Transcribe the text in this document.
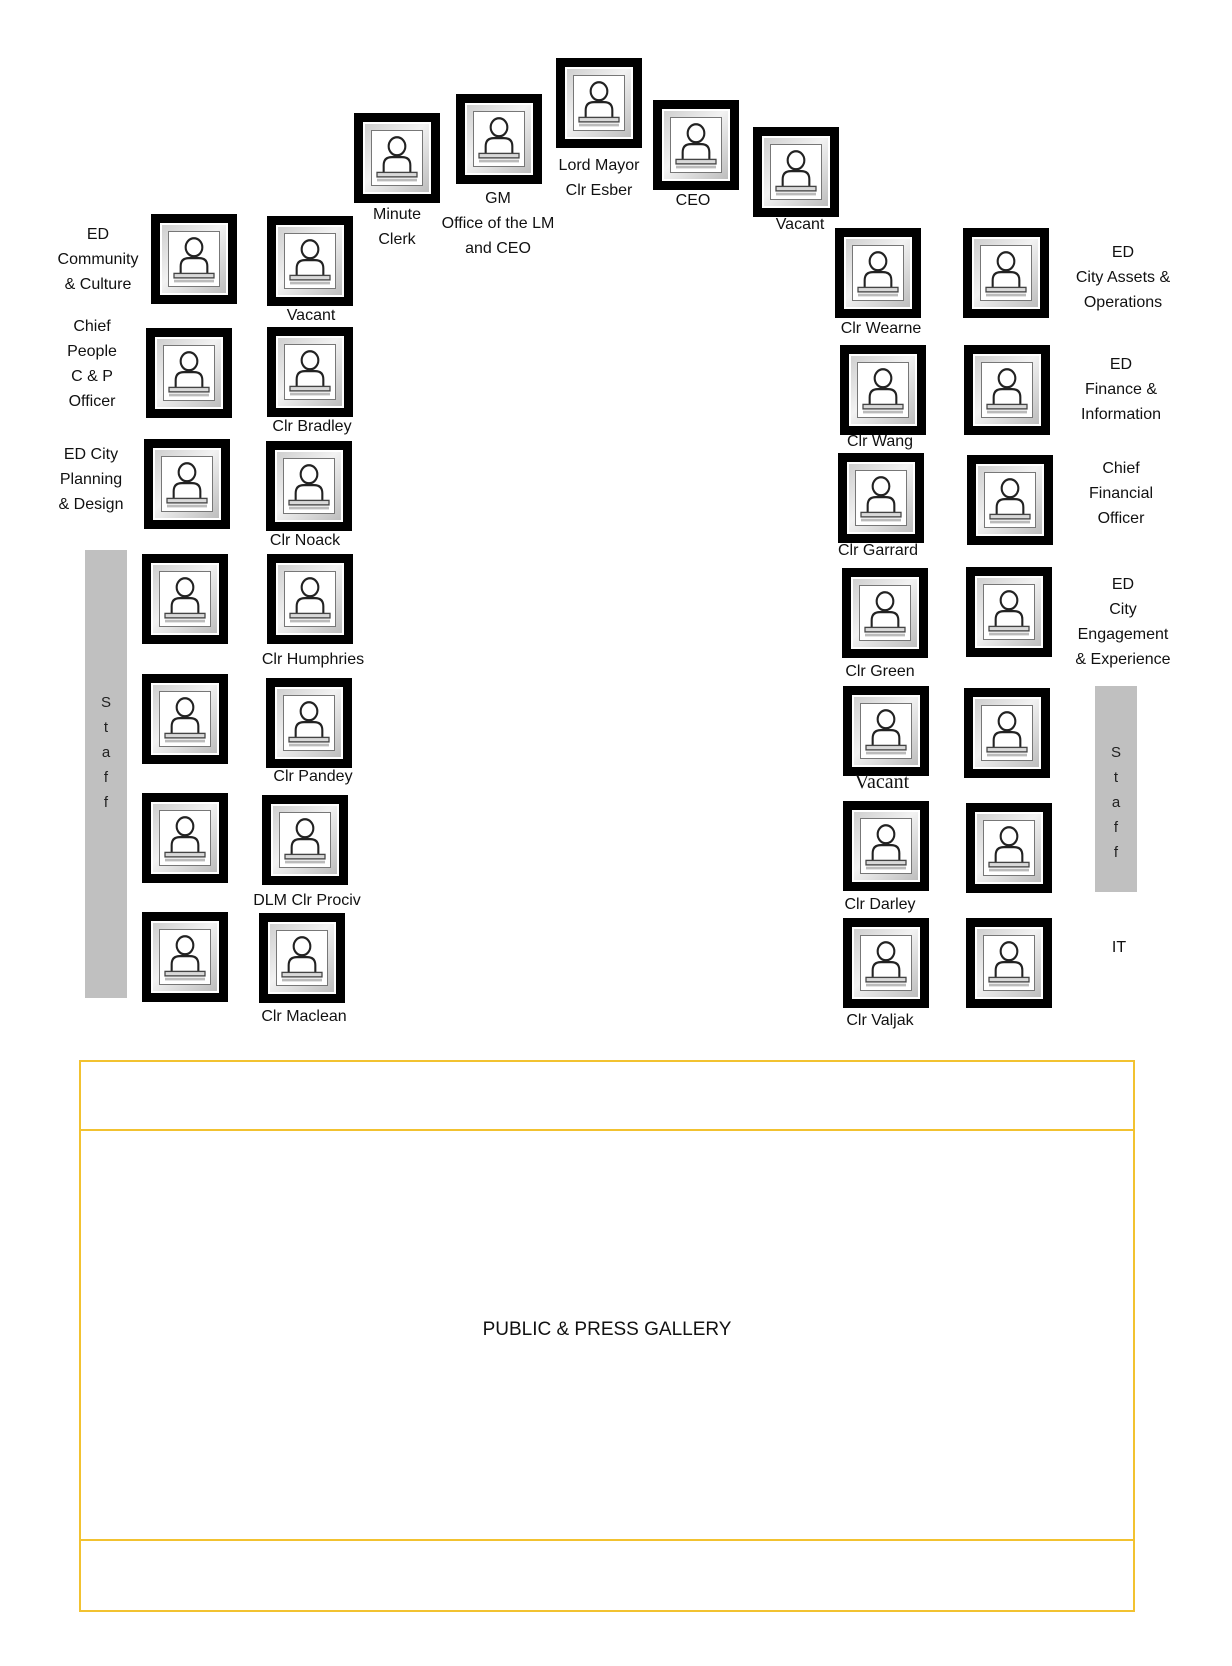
S
t
a
f
f
S
t
a
f
f
PUBLIC & PRESS GALLERY
Lord Mayor
Clr Esber
GM
Office of the LM
and CEO
CEO
Minute
Clerk
Vacant
ED
Community
& Culture
Vacant
Clr Wearne
ED
City Assets &
Operations
Chief
People
C & P
Officer
Clr Bradley
Clr Wang
ED
Finance &
Information
ED City
Planning
& Design
Clr Noack
Clr Garrard
Chief
Financial
Officer
Clr Humphries
Clr Green
ED
City
Engagement
& Experience
Clr Pandey	Vacant
DLM Clr Prociv	Clr Darley
Clr Maclean	Clr Valjak
IT
